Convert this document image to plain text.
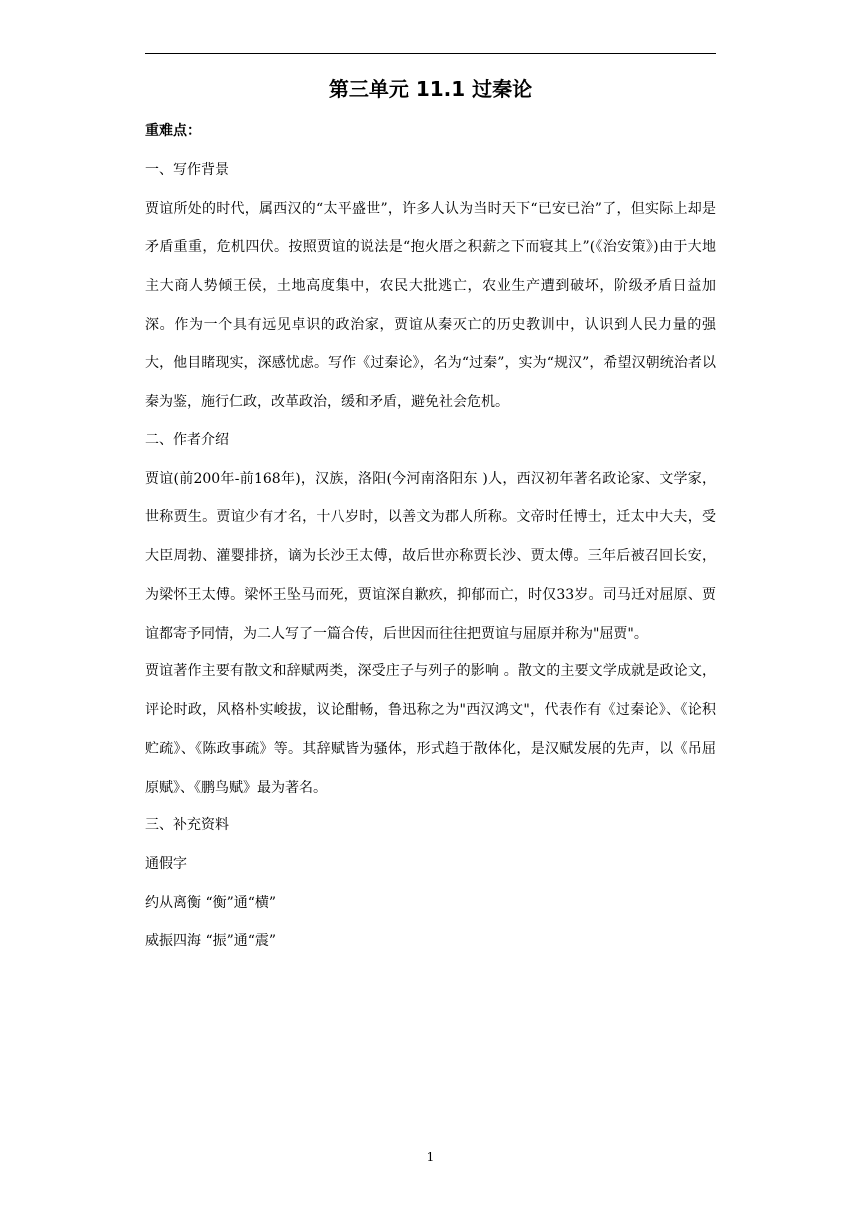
第三单元 11.1 过秦论

重难点：

一、写作背景

贾谊所处的时代，属西汉的“太平盛世”，许多人认为当时天下“已安已治”了，但实际上却是矛盾重重，危机四伏。按照贾谊的说法是“抱火厝之积薪之下而寝其上”(《治安策》)由于大地主大商人势倾王侯，土地高度集中，农民大批逃亡，农业生产遭到破坏，阶级矛盾日益加深。作为一个具有远见卓识的政治家，贾谊从秦灭亡的历史教训中，认识到人民力量的强大，他目睹现实，深感忧虑。写作《过秦论》，名为“过秦”，实为“规汉”，希望汉朝统治者以秦为鉴，施行仁政，改革政治，缓和矛盾，避免社会危机。

二、作者介绍

贾谊(前200年-前168年)，汉族，洛阳(今河南洛阳东 )人，西汉初年著名政论家、文学家，世称贾生。贾谊少有才名，十八岁时，以善文为郡人所称。文帝时任博士，迁太中大夫，受大臣周勃、灌婴排挤，谪为长沙王太傅，故后世亦称贾长沙、贾太傅。三年后被召回长安，为梁怀王太傅。梁怀王坠马而死，贾谊深自歉疚，抑郁而亡，时仅33岁。司马迁对屈原、贾谊都寄予同情，为二人写了一篇合传，后世因而往往把贾谊与屈原并称为"屈贾"。

贾谊著作主要有散文和辞赋两类，深受庄子与列子的影响 。散文的主要文学成就是政论文，评论时政，风格朴实峻拔，议论酣畅，鲁迅称之为"西汉鸿文"，代表作有《过秦论》、《论积贮疏》、《陈政事疏》等。其辞赋皆为骚体，形式趋于散体化，是汉赋发展的先声，以《吊屈原赋》、《鹏鸟赋》最为著名。

三、补充资料

通假字

约从离衡 “衡”通“横”

威振四海 “振”通“震”

1
